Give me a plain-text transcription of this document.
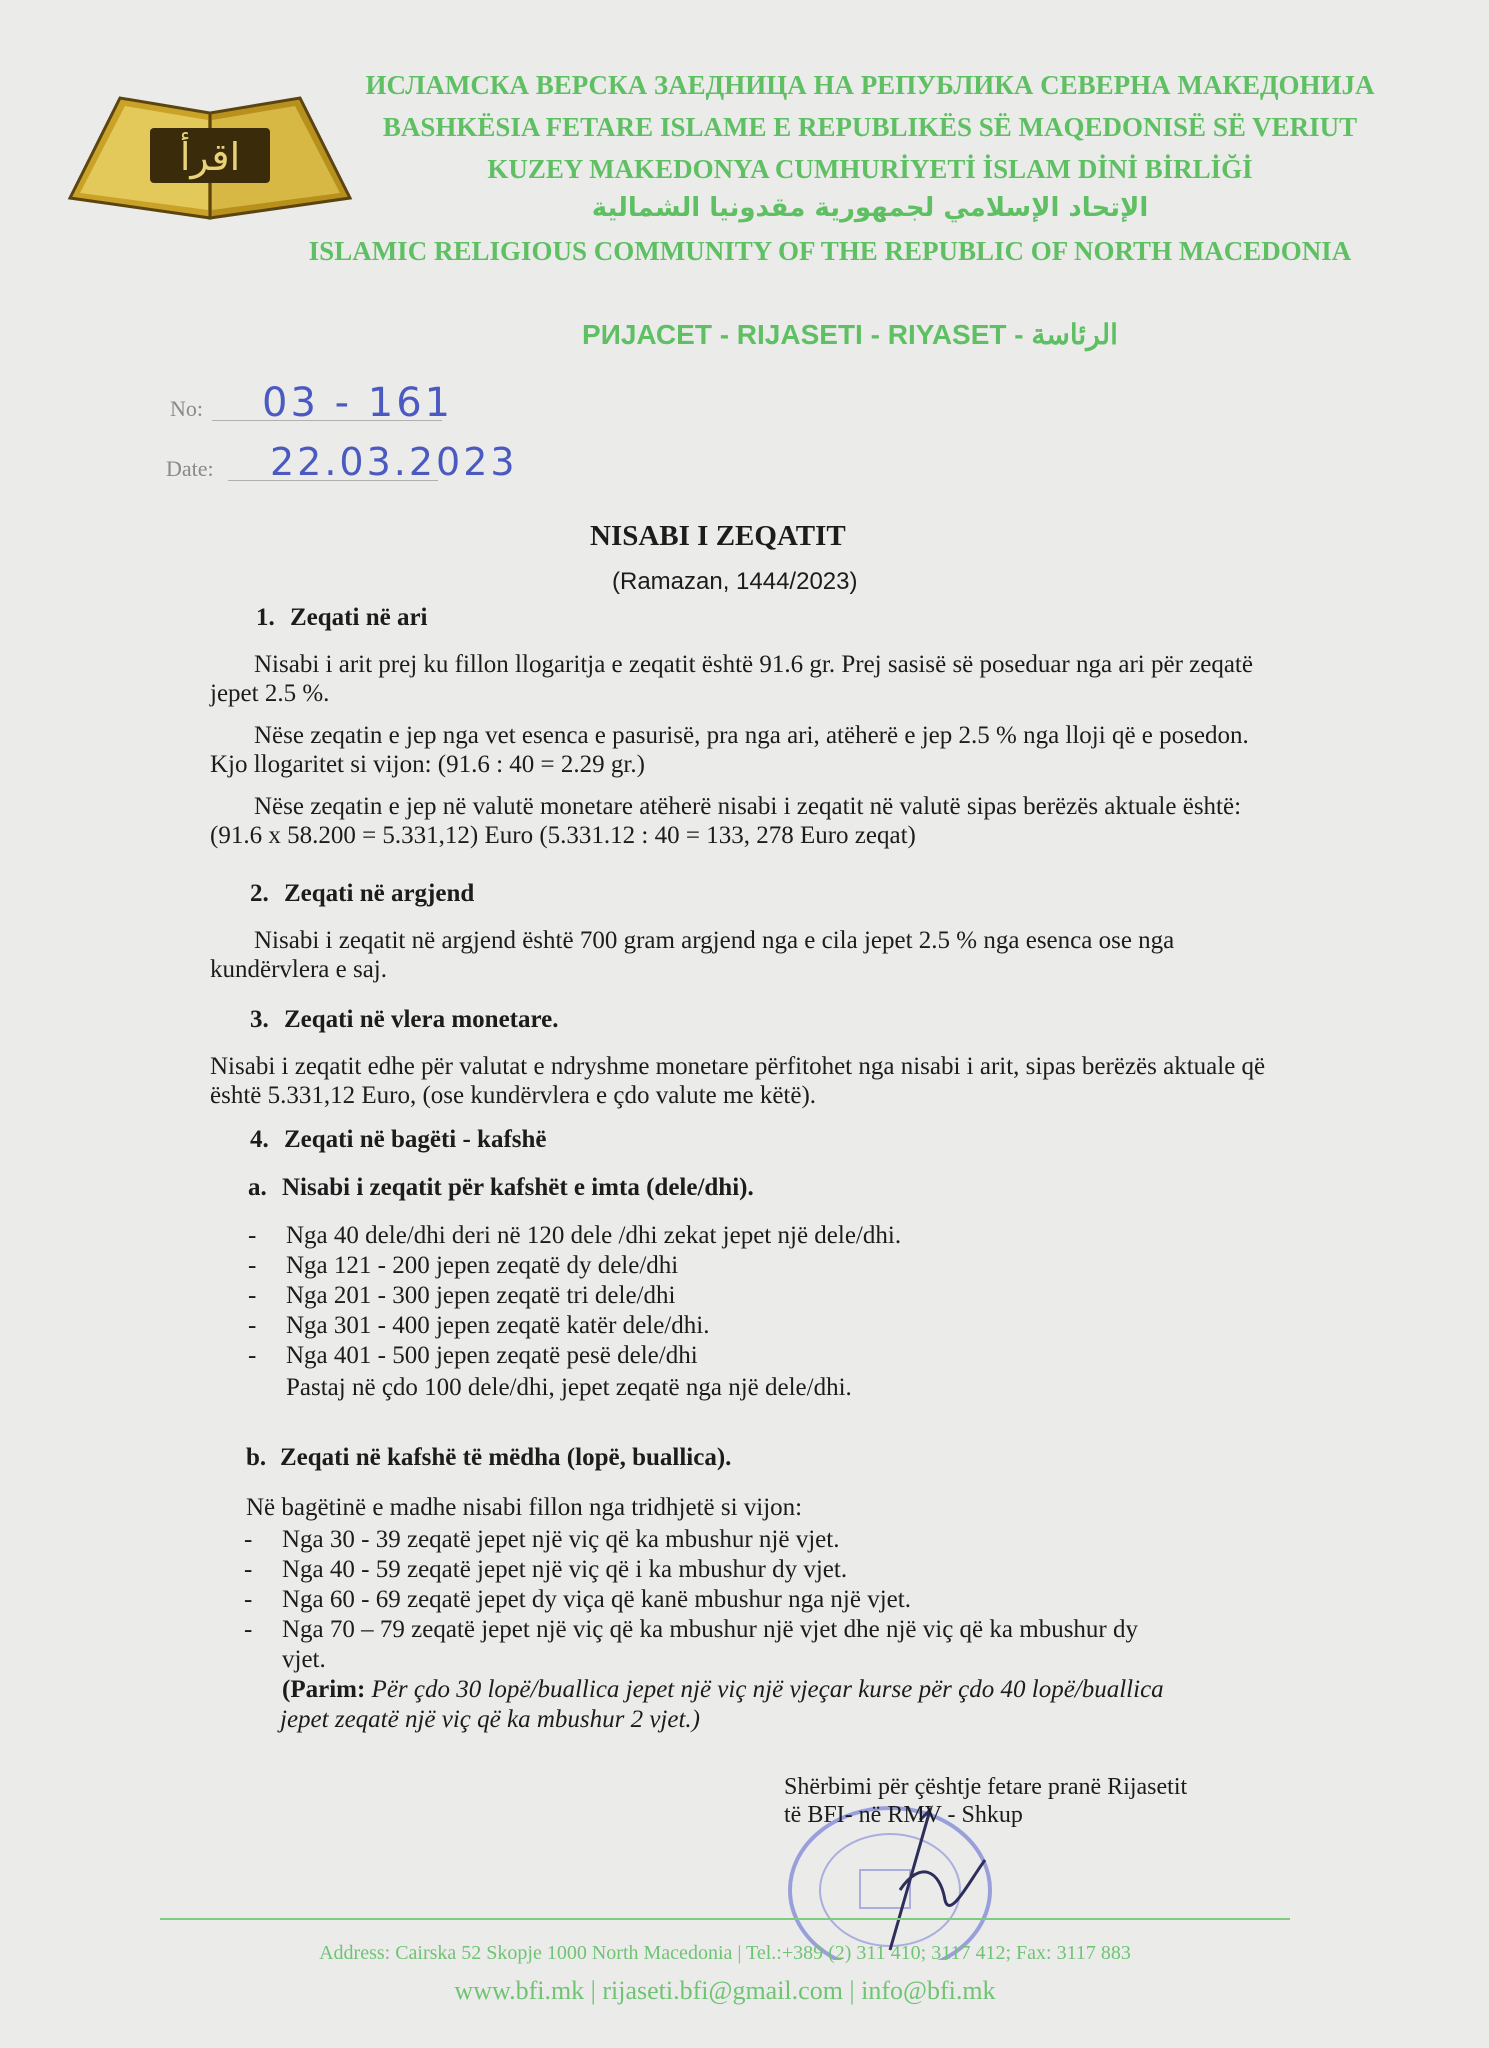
اقرأ
ИСЛАМСКА ВЕРСКА ЗАЕДНИЦА НА РЕПУБЛИКА СЕВЕРНА МАКЕДОНИЈА
BASHKËSIA FETARE ISLAME E REPUBLIKËS SË MAQEDONISË SË VERIUT
KUZEY MAKEDONYA CUMHURİYETİ İSLAM DİNİ BİRLİĞİ
الإتحاد الإسلامي لجمهورية مقدونيا الشمالية
ISLAMIC RELIGIOUS COMMUNITY OF THE REPUBLIC OF NORTH MACEDONIA
РИЈАСЕТ - RIJASETI - RIYASET - الرئاسة
No: 03 - 161
Date: 22.03.2023
NISABI I ZEQATIT
(Ramazan, 1444/2023)
1. Zeqati në ari

Nisabi i arit prej ku fillon llogaritja e zeqatit është 91.6 gr. Prej sasisë së poseduar nga ari për zeqatë jepet 2.5 %.

Nëse zeqatin e jep nga vet esenca e pasurisë, pra nga ari, atëherë e jep 2.5 % nga lloji që e posedon. Kjo llogaritet si vijon: (91.6 : 40 = 2.29 gr.)

Nëse zeqatin e jep në valutë monetare atëherë nisabi i zeqatit në valutë sipas berëzës aktuale është: (91.6 x 58.200 = 5.331,12) Euro (5.331.12 : 40 = 133, 278 Euro zeqat)

2. Zeqati në argjend

Nisabi i zeqatit në argjend është 700 gram argjend nga e cila jepet 2.5 % nga esenca ose nga kundërvlera e saj.

3. Zeqati në vlera monetare.

Nisabi i zeqatit edhe për valutat e ndryshme monetare përfitohet nga nisabi i arit, sipas berëzës aktuale që është 5.331,12 Euro, (ose kundërvlera e çdo valute me këtë).

4. Zeqati në bagëti - kafshë
a. Nisabi i zeqatit për kafshët e imta (dele/dhi).
- Nga 40 dele/dhi deri në 120 dele /dhi zekat jepet një dele/dhi.
- Nga 121 - 200 jepen zeqatë dy dele/dhi
- Nga 201 - 300 jepen zeqatë tri dele/dhi
- Nga 301 - 400 jepen zeqatë katër dele/dhi.
- Nga 401 - 500 jepen zeqatë pesë dele/dhi
Pastaj në çdo 100 dele/dhi, jepet zeqatë nga një dele/dhi.
b. Zeqati në kafshë të mëdha (lopë, buallica).
Në bagëtinë e madhe nisabi fillon nga tridhjetë si vijon:
- Nga 30 - 39 zeqatë jepet një viç që ka mbushur një vjet.
- Nga 40 - 59 zeqatë jepet një viç që i ka mbushur dy vjet.
- Nga 60 - 69 zeqatë jepet dy viça që kanë mbushur nga një vjet.
- Nga 70 – 79 zeqatë jepet një viç që ka mbushur një vjet dhe një viç që ka mbushur dy
vjet.
(Parim: Për çdo 30 lopë/buallica jepet një viç një vjeçar kurse për çdo 40 lopë/buallica
jepet zeqatë një viç që ka mbushur 2 vjet.)
Shërbimi për çështje fetare pranë Rijasetit
të BFI- në RMV - Shkup
Address: Cairska 52 Skopje 1000 North Macedonia | Tel.:+389 (2) 311 410; 3117 412; Fax: 3117 883
www.bfi.mk | rijaseti.bfi@gmail.com | info@bfi.mk
